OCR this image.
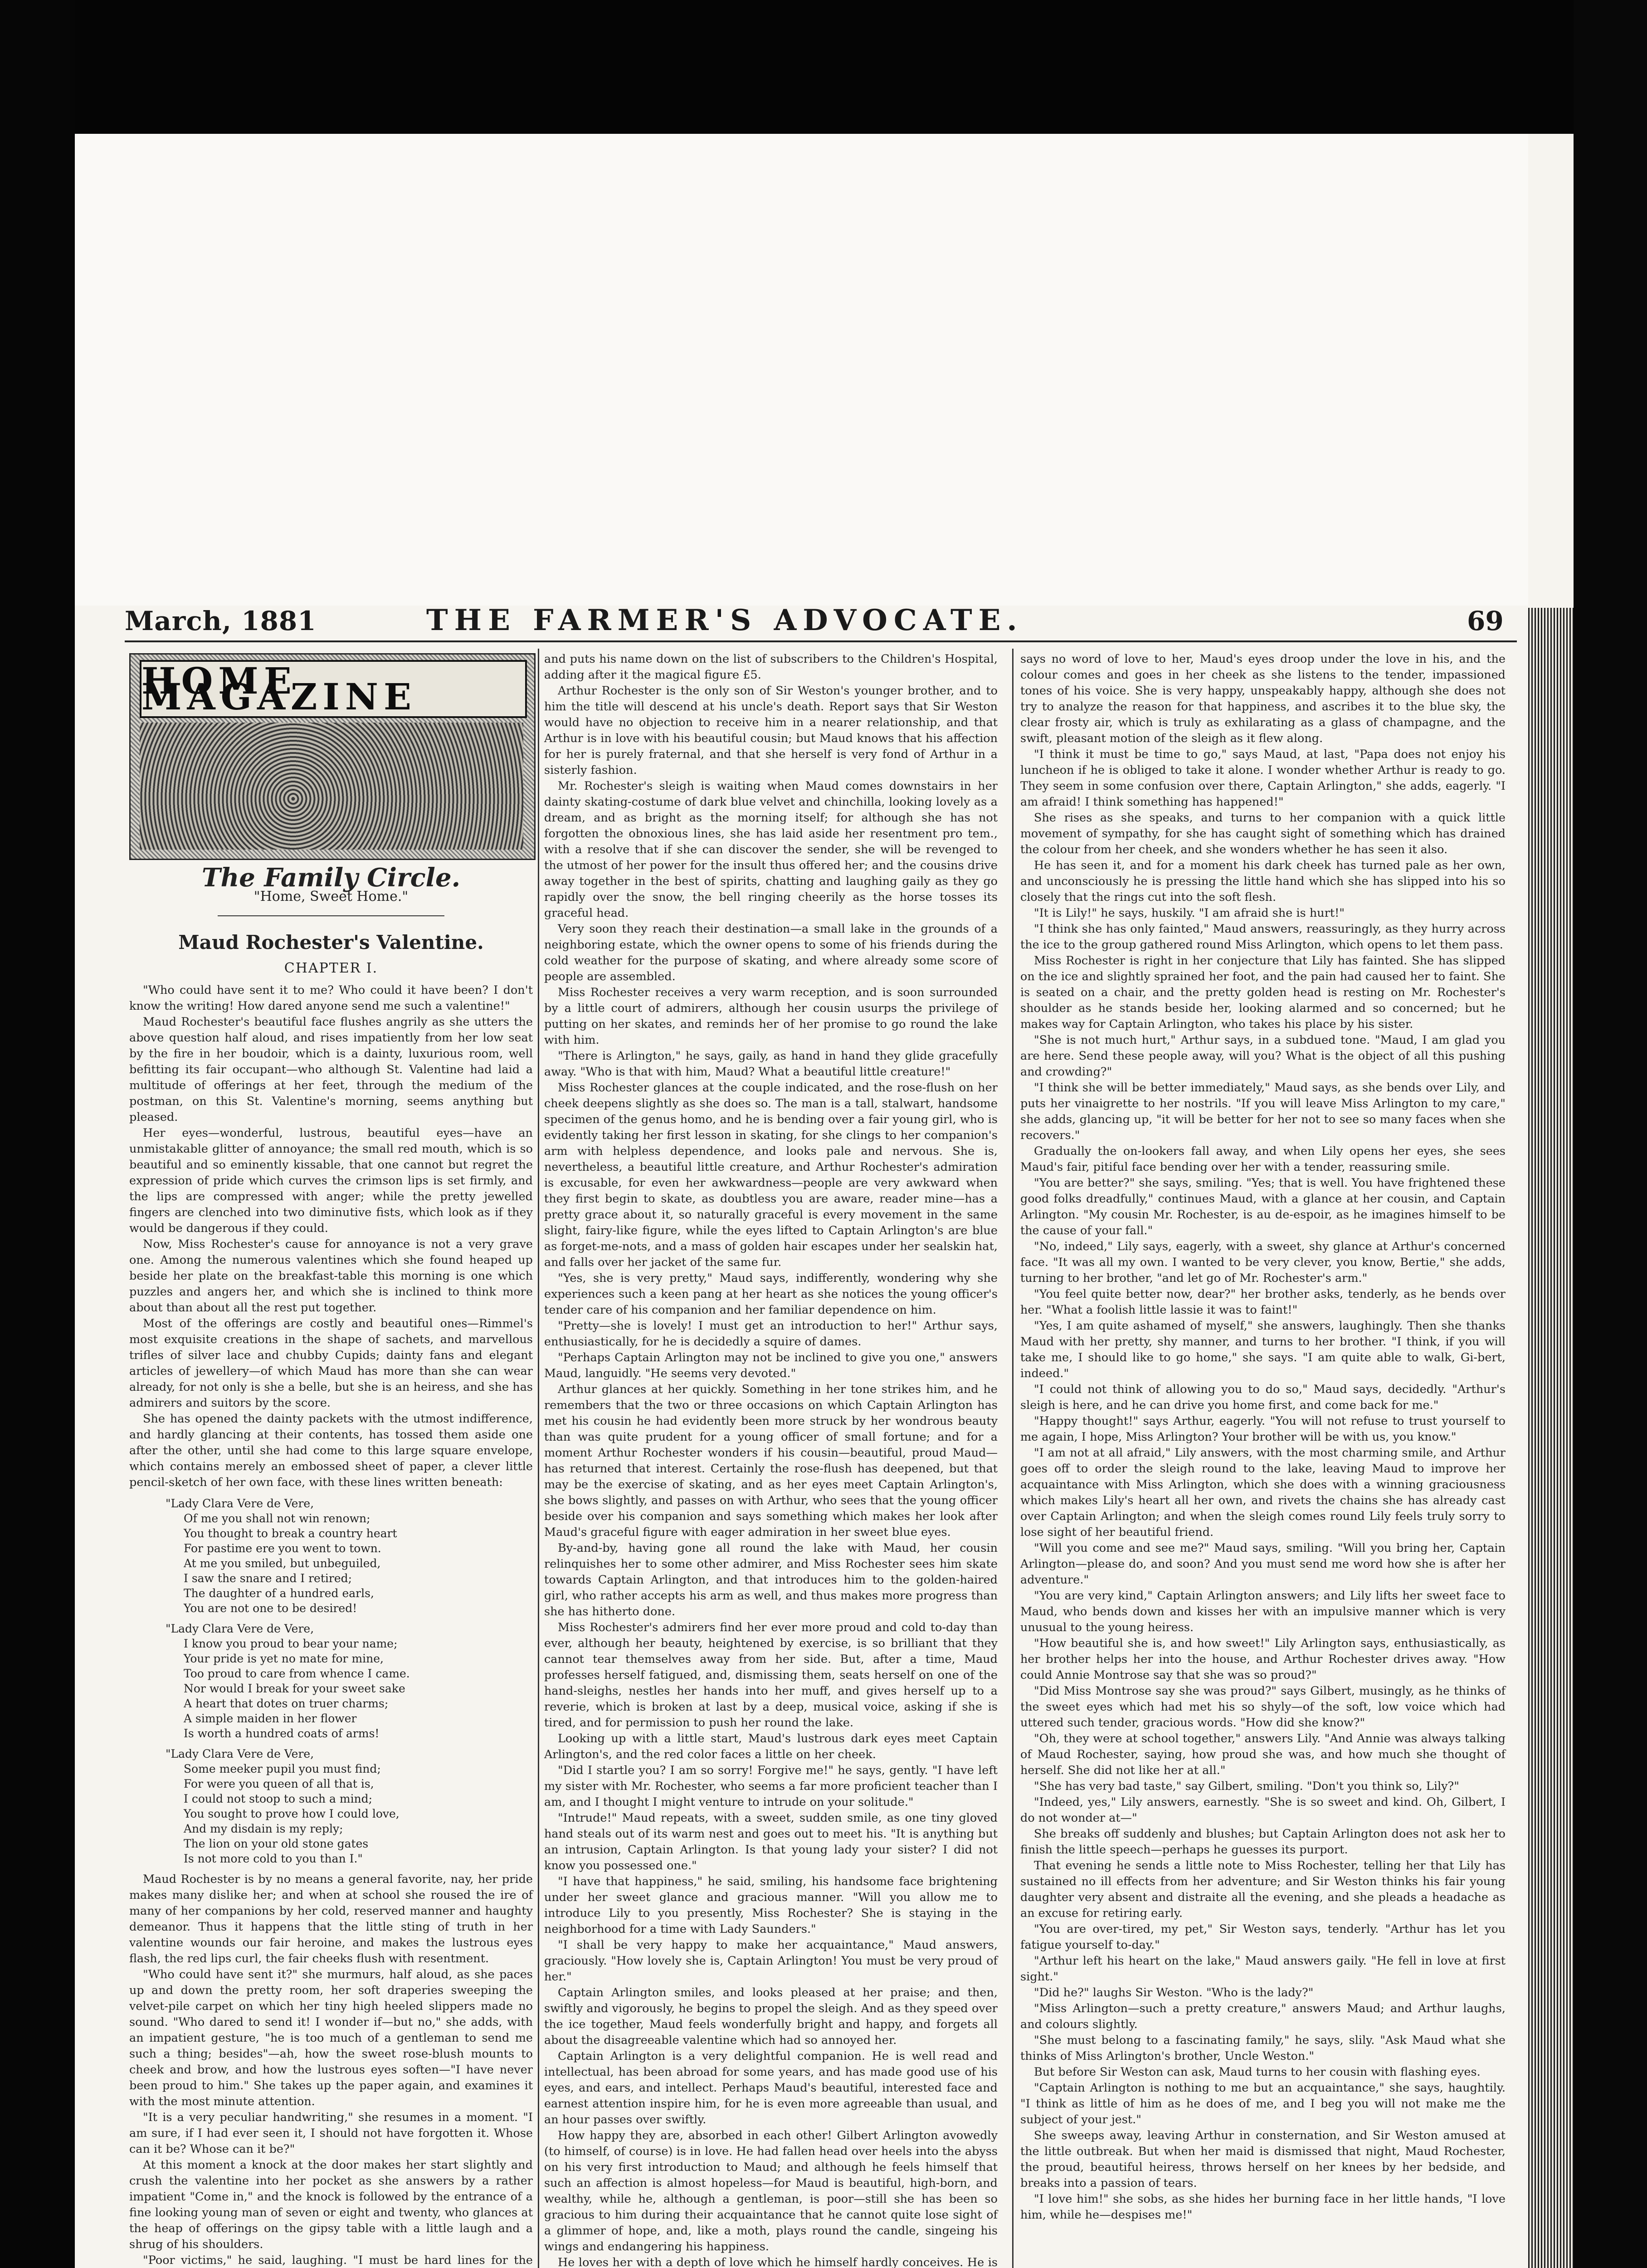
March, 1881	THE FARMER'S ADVOCATE.	69
HOME MAGAZINE
The Family Circle.
"Home, Sweet Home."
Maud Rochester's Valentine.
CHAPTER I.

"Who could have sent it to me? Who could it have been? I don't know the writing! How dared anyone send me such a valentine!"

Maud Rochester's beautiful face flushes angrily as she utters the above question half aloud, and rises impatiently from her low seat by the fire in her boudoir, which is a dainty, luxurious room, well befitting its fair occupant—who although St. Valentine had laid a multitude of offerings at her feet, through the medium of the postman, on this St. Valentine's morning, seems anything but pleased.

Her eyes—wonderful, lustrous, beautiful eyes—have an unmistakable glitter of annoyance; the small red mouth, which is so beautiful and so eminently kissable, that one cannot but regret the expression of pride which curves the crimson lips is set firmly, and the lips are compressed with anger; while the pretty jewelled fingers are clenched into two diminutive fists, which look as if they would be dangerous if they could.

Now, Miss Rochester's cause for annoyance is not a very grave one. Among the numerous valentines which she found heaped up beside her plate on the breakfast-table this morning is one which puzzles and angers her, and which she is inclined to think more about than about all the rest put together.

Most of the offerings are costly and beautiful ones—Rimmel's most exquisite creations in the shape of sachets, and marvellous trifles of silver lace and chubby Cupids; dainty fans and elegant articles of jewellery—of which Maud has more than she can wear already, for not only is she a belle, but she is an heiress, and she has admirers and suitors by the score.

She has opened the dainty packets with the utmost indifference, and hardly glancing at their contents, has tossed them aside one after the other, until she had come to this large square envelope, which contains merely an embossed sheet of paper, a clever little pencil-sketch of her own face, with these lines written beneath:

"Lady Clara Vere de Vere,
Of me you shall not win renown;
You thought to break a country heart
For pastime ere you went to town.
At me you smiled, but unbeguiled,
I saw the snare and I retired;
The daughter of a hundred earls,
You are not one to be desired!
"Lady Clara Vere de Vere,
I know you proud to bear your name;
Your pride is yet no mate for mine,
Too proud to care from whence I came.
Nor would I break for your sweet sake
A heart that dotes on truer charms;
A simple maiden in her flower
Is worth a hundred coats of arms!
"Lady Clara Vere de Vere,
Some meeker pupil you must find;
For were you queen of all that is,
I could not stoop to such a mind;
You sought to prove how I could love,
And my disdain is my reply;
The lion on your old stone gates
Is not more cold to you than I."

Maud Rochester is by no means a general favorite, nay, her pride makes many dislike her; and when at school she roused the ire of many of her companions by her cold, reserved manner and haughty demeanor. Thus it happens that the little sting of truth in her valentine wounds our fair heroine, and makes the lustrous eyes flash, the red lips curl, the fair cheeks flush with resentment.

"Who could have sent it?" she murmurs, half aloud, as she paces up and down the pretty room, her soft draperies sweeping the velvet-pile carpet on which her tiny high heeled slippers made no sound. "Who dared to send it! I wonder if—but no," she adds, with an impatient gesture, "he is too much of a gentleman to send me such a thing; besides"—ah, how the sweet rose-blush mounts to cheek and brow, and how the lustrous eyes soften—"I have never been proud to him." She takes up the paper again, and examines it with the most minute attention.

"It is a very peculiar handwriting," she resumes in a moment. "I am sure, if I had ever seen it, I should not have forgotten it. Whose can it be? Whose can it be?"

At this moment a knock at the door makes her start slightly and crush the valentine into her pocket as she answers by a rather impatient "Come in," and the knock is followed by the entrance of a fine looking young man of seven or eight and twenty, who glances at the heap of offerings on the gipsy table with a little laugh and a shrug of his shoulders.

"Poor victims," he said, laughing. "I must be hard lines for the

and puts his name down on the list of subscribers to the Children's Hospital, adding after it the magical figure £5.

Arthur Rochester is the only son of Sir Weston's younger brother, and to him the title will descend at his uncle's death. Report says that Sir Weston would have no objection to receive him in a nearer relationship, and that Arthur is in love with his beautiful cousin; but Maud knows that his affection for her is purely fraternal, and that she herself is very fond of Arthur in a sisterly fashion.

Mr. Rochester's sleigh is waiting when Maud comes downstairs in her dainty skating-costume of dark blue velvet and chinchilla, looking lovely as a dream, and as bright as the morning itself; for although she has not forgotten the obnoxious lines, she has laid aside her resentment pro tem., with a resolve that if she can discover the sender, she will be revenged to the utmost of her power for the insult thus offered her; and the cousins drive away together in the best of spirits, chatting and laughing gaily as they go rapidly over the snow, the bell ringing cheerily as the horse tosses its graceful head.

Very soon they reach their destination—a small lake in the grounds of a neighboring estate, which the owner opens to some of his friends during the cold weather for the purpose of skating, and where already some score of people are assembled.

Miss Rochester receives a very warm reception, and is soon surrounded by a little court of admirers, although her cousin usurps the privilege of putting on her skates, and reminds her of her promise to go round the lake with him.

"There is Arlington," he says, gaily, as hand in hand they glide gracefully away. "Who is that with him, Maud? What a beautiful little creature!"

Miss Rochester glances at the couple indicated, and the rose-flush on her cheek deepens slightly as she does so. The man is a tall, stalwart, handsome specimen of the genus homo, and he is bending over a fair young girl, who is evidently taking her first lesson in skating, for she clings to her companion's arm with helpless dependence, and looks pale and nervous. She is, nevertheless, a beautiful little creature, and Arthur Rochester's admiration is excusable, for even her awkwardness—people are very awkward when they first begin to skate, as doubtless you are aware, reader mine—has a pretty grace about it, so naturally graceful is every movement in the same slight, fairy-like figure, while the eyes lifted to Captain Arlington's are blue as forget-me-nots, and a mass of golden hair escapes under her sealskin hat, and falls over her jacket of the same fur.

"Yes, she is very pretty," Maud says, indifferently, wondering why she experiences such a keen pang at her heart as she notices the young officer's tender care of his companion and her familiar dependence on him.

"Pretty—she is lovely! I must get an introduction to her!" Arthur says, enthusiastically, for he is decidedly a squire of dames.

"Perhaps Captain Arlington may not be inclined to give you one," answers Maud, languidly. "He seems very devoted."

Arthur glances at her quickly. Something in her tone strikes him, and he remembers that the two or three occasions on which Captain Arlington has met his cousin he had evidently been more struck by her wondrous beauty than was quite prudent for a young officer of small fortune; and for a moment Arthur Rochester wonders if his cousin—beautiful, proud Maud—has returned that interest. Certainly the rose-flush has deepened, but that may be the exercise of skating, and as her eyes meet Captain Arlington's, she bows slightly, and passes on with Arthur, who sees that the young officer beside over his companion and says something which makes her look after Maud's graceful figure with eager admiration in her sweet blue eyes.

By-and-by, having gone all round the lake with Maud, her cousin relinquishes her to some other admirer, and Miss Rochester sees him skate towards Captain Arlington, and that introduces him to the golden-haired girl, who rather accepts his arm as well, and thus makes more progress than she has hitherto done.

Miss Rochester's admirers find her ever more proud and cold to-day than ever, although her beauty, heightened by exercise, is so brilliant that they cannot tear themselves away from her side. But, after a time, Maud professes herself fatigued, and, dismissing them, seats herself on one of the hand-sleighs, nestles her hands into her muff, and gives herself up to a reverie, which is broken at last by a deep, musical voice, asking if she is tired, and for permission to push her round the lake.

Looking up with a little start, Maud's lustrous dark eyes meet Captain Arlington's, and the red color faces a little on her cheek.

"Did I startle you? I am so sorry! Forgive me!" he says, gently. "I have left my sister with Mr. Rochester, who seems a far more proficient teacher than I am, and I thought I might venture to intrude on your solitude."

"Intrude!" Maud repeats, with a sweet, sudden smile, as one tiny gloved hand steals out of its warm nest and goes out to meet his. "It is anything but an intrusion, Captain Arlington. Is that young lady your sister? I did not know you possessed one."

"I have that happiness," he said, smiling, his handsome face brightening under her sweet glance and gracious manner. "Will you allow me to introduce Lily to you presently, Miss Rochester? She is staying in the neighborhood for a time with Lady Saunders."

"I shall be very happy to make her acquaintance," Maud answers, graciously. "How lovely she is, Captain Arlington! You must be very proud of her."

Captain Arlington smiles, and looks pleased at her praise; and then, swiftly and vigorously, he begins to propel the sleigh. And as they speed over the ice together, Maud feels wonderfully bright and happy, and forgets all about the disagreeable valentine which had so annoyed her.

Captain Arlington is a very delightful companion. He is well read and intellectual, has been abroad for some years, and has made good use of his eyes, and ears, and intellect. Perhaps Maud's beautiful, interested face and earnest attention inspire him, for he is even more agreeable than usual, and an hour passes over swiftly.

How happy they are, absorbed in each other! Gilbert Arlington avowedly (to himself, of course) is in love. He had fallen head over heels into the abyss on his very first introduction to Maud; and although he feels himself that such an affection is almost hopeless—for Maud is beautiful, high-born, and wealthy, while he, although a gentleman, is poor—still she has been so gracious to him during their acquaintance that he cannot quite lose sight of a glimmer of hope, and, like a moth, plays round the candle, singeing his wings and endangering his happiness.

He loves her with a depth of love which he himself hardly conceives. He is

says no word of love to her, Maud's eyes droop under the love in his, and the colour comes and goes in her cheek as she listens to the tender, impassioned tones of his voice. She is very happy, unspeakably happy, although she does not try to analyze the reason for that happiness, and ascribes it to the blue sky, the clear frosty air, which is truly as exhilarating as a glass of champagne, and the swift, pleasant motion of the sleigh as it flew along.

"I think it must be time to go," says Maud, at last, "Papa does not enjoy his luncheon if he is obliged to take it alone. I wonder whether Arthur is ready to go. They seem in some confusion over there, Captain Arlington," she adds, eagerly. "I am afraid! I think something has happened!"

She rises as she speaks, and turns to her companion with a quick little movement of sympathy, for she has caught sight of something which has drained the colour from her cheek, and she wonders whether he has seen it also.

He has seen it, and for a moment his dark cheek has turned pale as her own, and unconsciously he is pressing the little hand which she has slipped into his so closely that the rings cut into the soft flesh.

"It is Lily!" he says, huskily. "I am afraid she is hurt!"

"I think she has only fainted," Maud answers, reassuringly, as they hurry across the ice to the group gathered round Miss Arlington, which opens to let them pass.

Miss Rochester is right in her conjecture that Lily has fainted. She has slipped on the ice and slightly sprained her foot, and the pain had caused her to faint. She is seated on a chair, and the pretty golden head is resting on Mr. Rochester's shoulder as he stands beside her, looking alarmed and so concerned; but he makes way for Captain Arlington, who takes his place by his sister.

"She is not much hurt," Arthur says, in a subdued tone. "Maud, I am glad you are here. Send these people away, will you? What is the object of all this pushing and crowding?"

"I think she will be better immediately," Maud says, as she bends over Lily, and puts her vinaigrette to her nostrils. "If you will leave Miss Arlington to my care," she adds, glancing up, "it will be better for her not to see so many faces when she recovers."

Gradually the on-lookers fall away, and when Lily opens her eyes, she sees Maud's fair, pitiful face bending over her with a tender, reassuring smile.

"You are better?" she says, smiling. "Yes; that is well. You have frightened these good folks dreadfully," continues Maud, with a glance at her cousin, and Captain Arlington. "My cousin Mr. Rochester, is au de-espoir, as he imagines himself to be the cause of your fall."

"No, indeed," Lily says, eagerly, with a sweet, shy glance at Arthur's concerned face. "It was all my own. I wanted to be very clever, you know, Bertie," she adds, turning to her brother, "and let go of Mr. Rochester's arm."

"You feel quite better now, dear?" her brother asks, tenderly, as he bends over her. "What a foolish little lassie it was to faint!"

"Yes, I am quite ashamed of myself," she answers, laughingly. Then she thanks Maud with her pretty, shy manner, and turns to her brother. "I think, if you will take me, I should like to go home," she says. "I am quite able to walk, Gi-bert, indeed."

"I could not think of allowing you to do so," Maud says, decidedly. "Arthur's sleigh is here, and he can drive you home first, and come back for me."

"Happy thought!" says Arthur, eagerly. "You will not refuse to trust yourself to me again, I hope, Miss Arlington? Your brother will be with us, you know."

"I am not at all afraid," Lily answers, with the most charming smile, and Arthur goes off to order the sleigh round to the lake, leaving Maud to improve her acquaintance with Miss Arlington, which she does with a winning graciousness which makes Lily's heart all her own, and rivets the chains she has already cast over Captain Arlington; and when the sleigh comes round Lily feels truly sorry to lose sight of her beautiful friend.

"Will you come and see me?" Maud says, smiling. "Will you bring her, Captain Arlington—please do, and soon? And you must send me word how she is after her adventure."

"You are very kind," Captain Arlington answers; and Lily lifts her sweet face to Maud, who bends down and kisses her with an impulsive manner which is very unusual to the young heiress.

"How beautiful she is, and how sweet!" Lily Arlington says, enthusiastically, as her brother helps her into the house, and Arthur Rochester drives away. "How could Annie Montrose say that she was so proud?"

"Did Miss Montrose say she was proud?" says Gilbert, musingly, as he thinks of the sweet eyes which had met his so shyly—of the soft, low voice which had uttered such tender, gracious words. "How did she know?"

"Oh, they were at school together," answers Lily. "And Annie was always talking of Maud Rochester, saying, how proud she was, and how much she thought of herself. She did not like her at all."

"She has very bad taste," say Gilbert, smiling. "Don't you think so, Lily?"

"Indeed, yes," Lily answers, earnestly. "She is so sweet and kind. Oh, Gilbert, I do not wonder at—"

She breaks off suddenly and blushes; but Captain Arlington does not ask her to finish the little speech—perhaps he guesses its purport.

That evening he sends a little note to Miss Rochester, telling her that Lily has sustained no ill effects from her adventure; and Sir Weston thinks his fair young daughter very absent and distraite all the evening, and she pleads a headache as an excuse for retiring early.

"You are over-tired, my pet," Sir Weston says, tenderly. "Arthur has let you fatigue yourself to-day."

"Arthur left his heart on the lake," Maud answers gaily. "He fell in love at first sight."

"Did he?" laughs Sir Weston. "Who is the lady?"

"Miss Arlington—such a pretty creature," answers Maud; and Arthur laughs, and colours slightly.

"She must belong to a fascinating family," he says, slily. "Ask Maud what she thinks of Miss Arlington's brother, Uncle Weston."

But before Sir Weston can ask, Maud turns to her cousin with flashing eyes.

"Captain Arlington is nothing to me but an acquaintance," she says, haughtily. "I think as little of him as he does of me, and I beg you will not make me the subject of your jest."

She sweeps away, leaving Arthur in consternation, and Sir Weston amused at the little outbreak. But when her maid is dismissed that night, Maud Rochester, the proud, beautiful heiress, throws herself on her knees by her bedside, and breaks into a passion of tears.

"I love him!" she sobs, as she hides her burning face in her little hands, "I love him, while he—despises me!"
